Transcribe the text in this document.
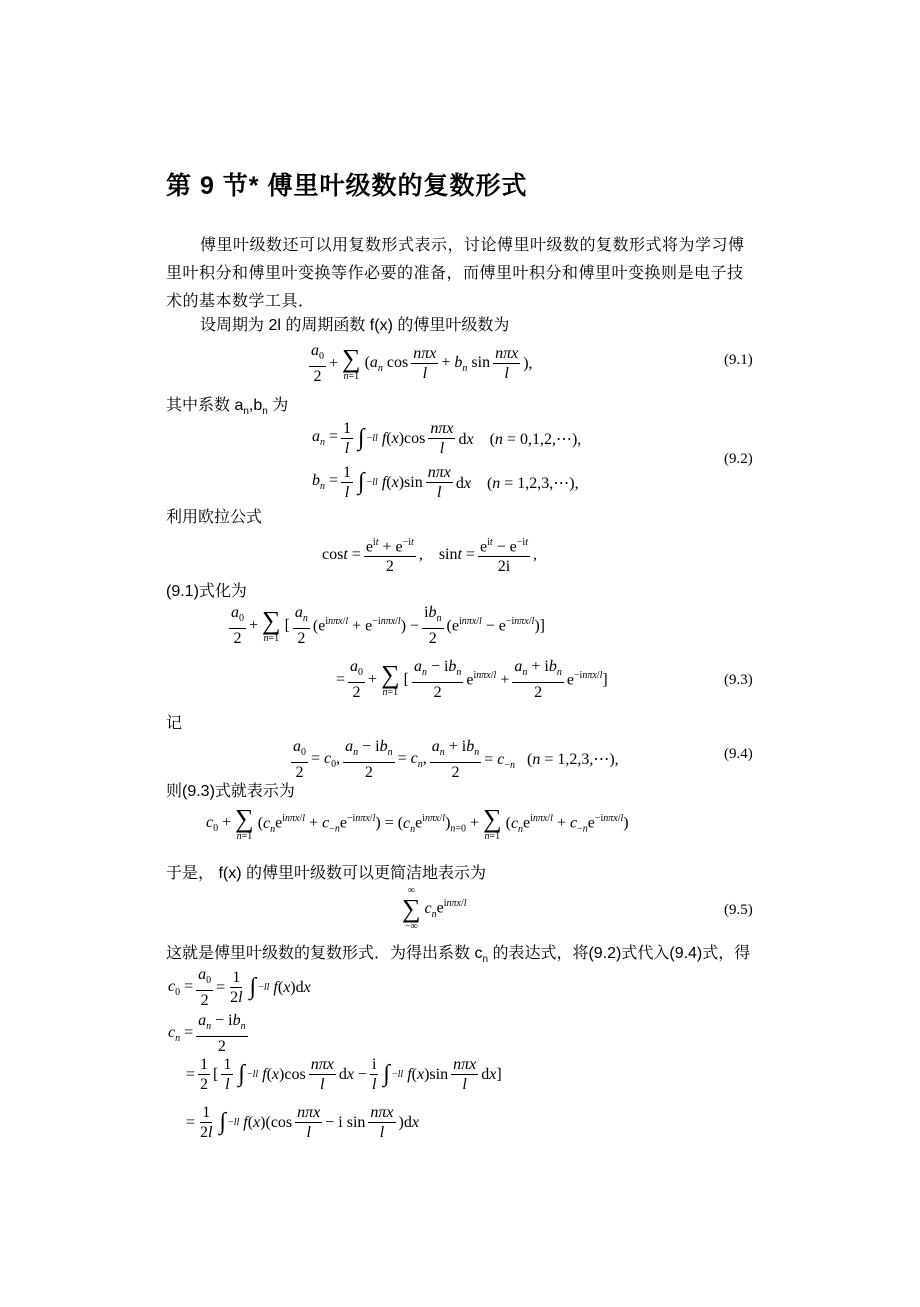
第 9 节* 傅里叶级数的复数形式
傅里叶级数还可以用复数形式表示，讨论傅里叶级数的复数形式将为学习傅里叶积分和傅里叶变换等作必要的准备，而傅里叶积分和傅里叶变换则是电子技术的基本数学工具．
设周期为 2l 的周期函数 f(x) 的傅里叶级数为
$\frac{a_0}{2}$ + ∑
n=1
($a_n$ $\cos \frac{\text{nπx}}{l} + b_n$ $\sin \frac{\text{nπx}}{l}$ ),	(9.1)
其中系数 $a_n,b_n$ 为
$a_n = \frac{1}{l}$ ∫ −l l $f(x)\cos \frac{\text{nπx}}{l}$ dx    (n = 0,1,2,⋯),
$b_n = \frac{1}{l}$ ∫ −l l $f(x)\sin \frac{\text{nπx}}{l}$ dx    (n = 1,2,3,⋯),
(9.2)
利用欧拉公式
$\cos t = \frac{e^{it} + e^{-it}}{2}$ ,    $\sin t = \frac{e^{it} - e^{-it}}{2i}$ ,
(9.1)式化为
$\frac{a_0}{2}$ + ∑
n=1
[ $\frac{a_n}{2} (e^{in\pi x/l} + e^{-in\pi x/l}) - \frac{ib_n}{2} (e^{in\pi x/l} - e^{-in\pi x/l})$]
= $\frac{a_0}{2}$ + ∑
n=1
[ $\frac{a_n - ib_n}{2} e^{in\pi x/l} + \frac{a_n + ib_n}{2} e^{-in\pi x/l}$]	(9.3)
记
$\frac{a_0}{2} = c_0$, $\frac{a_n - ib_n}{2} = c_n$, $\frac{a_n + ib_n}{2} = c_{-n}$   (n = 1,2,3,⋯),	(9.4)
则(9.3)式就表示为
$c_0$ + ∑
n=1
$(c_ne^{in\pi x/l} + c_{-n}e^{-in\pi x/l}) = (c_ne^{in\pi x/l})_{n=0}$ + ∑
n=1
$(c_ne^{in\pi x/l} + c_{-n}e^{-in\pi x/l})$
于是， f(x) 的傅里叶级数可以更简洁地表示为
∞
∑
−∞
$c_ne^{in\pi x/l}$	(9.5)
这就是傅里叶级数的复数形式．为得出系数 $c_n$ 的表达式，将(9.2)式代入(9.4)式，得
$c_0 = \frac{a_0}{2} = \frac{1}{2l}$ ∫ −l l f(x)dx
$c_n = \frac{a_n - ib_n}{2}$
= $\frac{1}{2}$ [ $\frac{1}{l}$ ∫ −l l $f(x)\cos \frac{\text{nπx}}{l}$ dx − $\frac{i}{l}$ ∫ −l l $f(x)\sin \frac{\text{nπx}}{l} dx$]
= $\frac{1}{2l}$ ∫ −l l $f(x)(\cos \frac{\text{nπx}}{l} - i$ $\sin \frac{\text{nπx}}{l} )dx$
